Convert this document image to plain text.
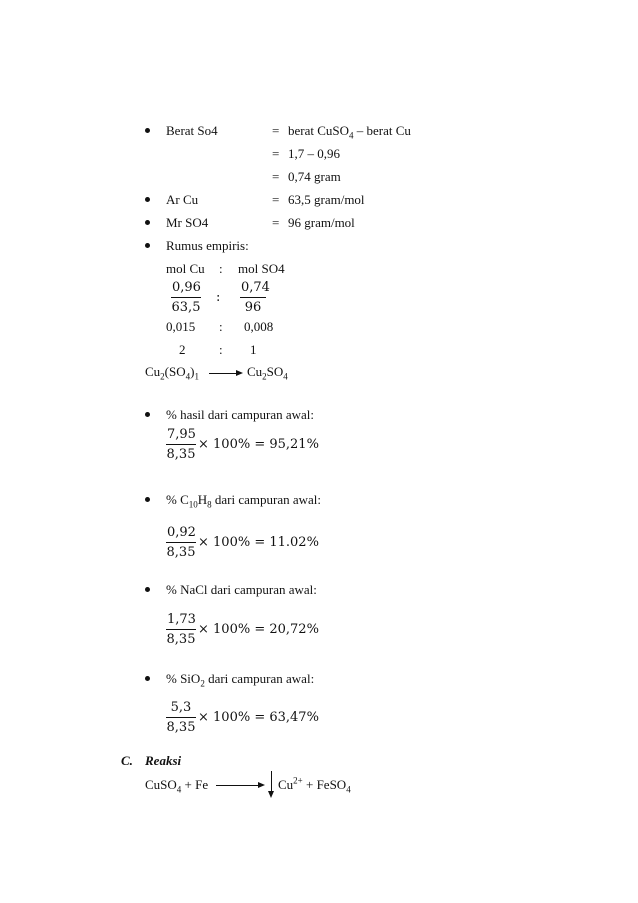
Berat So4	= berat CuSO$_4$ – berat Cu
= 1,7 – 0,96
= 0,74 gram
Ar Cu	= 63,5 gram/mol
Mr SO4	= 96 gram/mol
Rumus empiris:
mol Cu : mol SO4
$\frac{0,96}{63,5}$ : $\frac{0,74}{96}$
0,015 : 0,008
2	: 1
$Cu_2(SO_4)_1$	$Cu_2SO_4$
% hasil dari campuran awal:
$\frac{7,95}{8,35} \times 100\% = 95,21\%$
% $C_{10}H_8$ dari campuran awal:
$\frac{0,92}{8,35} \times 100\% = 11.02\%$
% NaCl dari campuran awal:
$\frac{1,73}{8,35} \times 100\% = 20,72\%$
% SiO$_2$ dari campuran awal:
$\frac{5,3}{8,35} \times 100\% = 63,47\%$
C. Reaksi
CuSO$_4$ + Fe	$Cu^{2+}$ + FeSO$_4$
